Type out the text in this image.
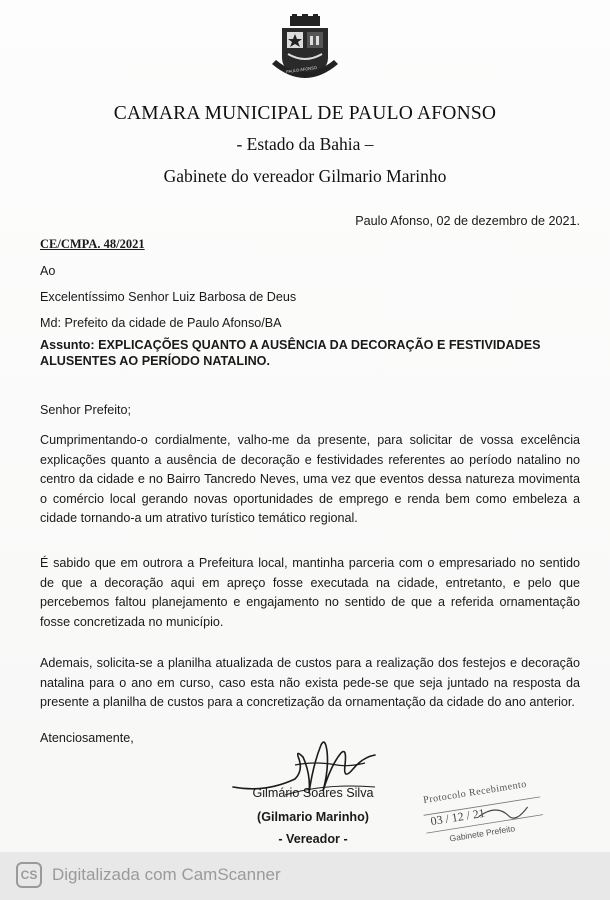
PAULO AFONSO
CAMARA MUNICIPAL DE PAULO AFONSO
- Estado da Bahia –
Gabinete do vereador Gilmario Marinho
Paulo Afonso, 02 de dezembro de 2021.
CE/CMPA. 48/2021
Ao
Excelentíssimo Senhor Luiz Barbosa de Deus
Md: Prefeito da cidade de Paulo Afonso/BA
Assunto: EXPLICAÇÕES QUANTO A AUSÊNCIA DA DECORAÇÃO E FESTIVIDADES ALUSENTES AO PERÍODO NATALINO.
Senhor Prefeito;

Cumprimentando-o cordialmente, valho-me da presente, para solicitar de vossa excelência explicações quanto a ausência de decoração e festividades referentes ao período natalino no centro da cidade e no Bairro Tancredo Neves, uma vez que eventos dessa natureza movimenta o comércio local gerando novas oportunidades de emprego e renda bem como embeleza a cidade tornando-a um atrativo turístico temático regional.

É sabido que em outrora a Prefeitura local, mantinha parceria com o empresariado no sentido de que a decoração aqui em apreço fosse executada na cidade, entretanto, e pelo que percebemos faltou planejamento e engajamento no sentido de que a referida ornamentação fosse concretizada no município.

Ademais, solicita-se a planilha atualizada de custos para a realização dos festejos e decoração natalina para o ano em curso, caso esta não exista pede-se que seja juntado na resposta da presente a planilha de custos para a concretização da ornamentação da cidade do ano anterior.

Atenciosamente,
Gilmário Soares Silva
(Gilmario Marinho)
- Vereador -
Protocolo Recebimento
03 / 12 / 21
Gabinete Prefeito
CS Digitalizada com CamScanner
